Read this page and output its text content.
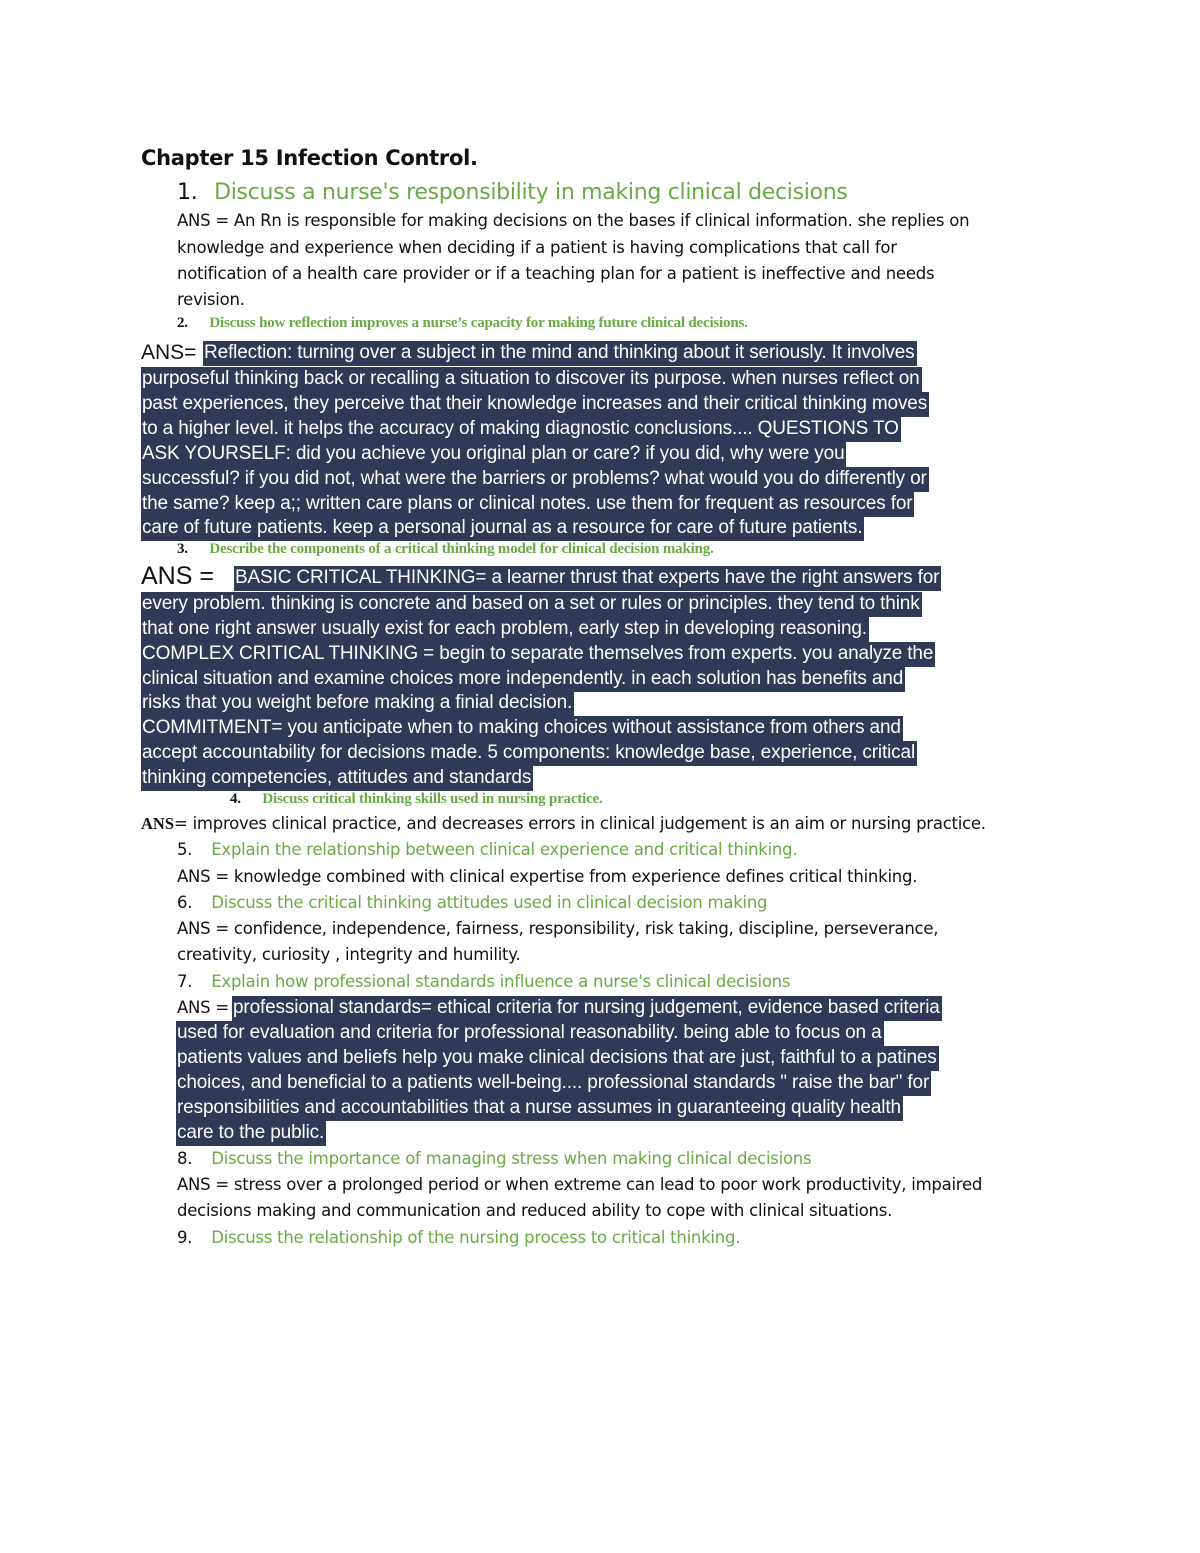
Chapter 15 Infection Control.
1. Discuss a nurse's responsibility in making clinical decisions
ANS = An Rn is responsible for making decisions on the bases if clinical information. she replies on
knowledge and experience when deciding if a patient is having complications that call for
notification of a health care provider or if a teaching plan for a patient is ineffective and needs
revision.
2. Discuss how reflection improves a nurse’s capacity for making future clinical decisions.
ANS= Reflection: turning over a subject in the mind and thinking about it seriously. It involves
purposeful thinking back or recalling a situation to discover its purpose. when nurses reflect on
past experiences, they perceive that their knowledge increases and their critical thinking moves
to a higher level. it helps the accuracy of making diagnostic conclusions.... QUESTIONS TO
ASK YOURSELF: did you achieve you original plan or care? if you did, why were you
successful? if you did not, what were the barriers or problems? what would you do differently or
the same? keep a;; written care plans or clinical notes. use them for frequent as resources for
care of future patients. keep a personal journal as a resource for care of future patients.
3. Describe the components of a critical thinking model for clinical decision making.
ANS = BASIC CRITICAL THINKING= a learner thrust that experts have the right answers for
every problem. thinking is concrete and based on a set or rules or principles. they tend to think
that one right answer usually exist for each problem, early step in developing reasoning.
COMPLEX CRITICAL THINKING = begin to separate themselves from experts. you analyze the
clinical situation and examine choices more independently. in each solution has benefits and
risks that you weight before making a finial decision.
COMMITMENT= you anticipate when to making choices without assistance from others and
accept accountability for decisions made. 5 components: knowledge base, experience, critical
thinking competencies, attitudes and standards
4. Discuss critical thinking skills used in nursing practice.
ANS= improves clinical practice, and decreases errors in clinical judgement is an aim or nursing practice.
5. Explain the relationship between clinical experience and critical thinking.
ANS = knowledge combined with clinical expertise from experience defines critical thinking.
6. Discuss the critical thinking attitudes used in clinical decision making
ANS = confidence, independence, fairness, responsibility, risk taking, discipline, perseverance,
creativity, curiosity , integrity and humility.
7. Explain how professional standards influence a nurse's clinical decisions
ANS = professional standards= ethical criteria for nursing judgement, evidence based criteria
used for evaluation and criteria for professional reasonability. being able to focus on a
patients values and beliefs help you make clinical decisions that are just, faithful to a patines
choices, and beneficial to a patients well-being.... professional standards " raise the bar" for
responsibilities and accountabilities that a nurse assumes in guaranteeing quality health
care to the public.
8. Discuss the importance of managing stress when making clinical decisions
ANS = stress over a prolonged period or when extreme can lead to poor work productivity, impaired
decisions making and communication and reduced ability to cope with clinical situations.
9. Discuss the relationship of the nursing process to critical thinking.
